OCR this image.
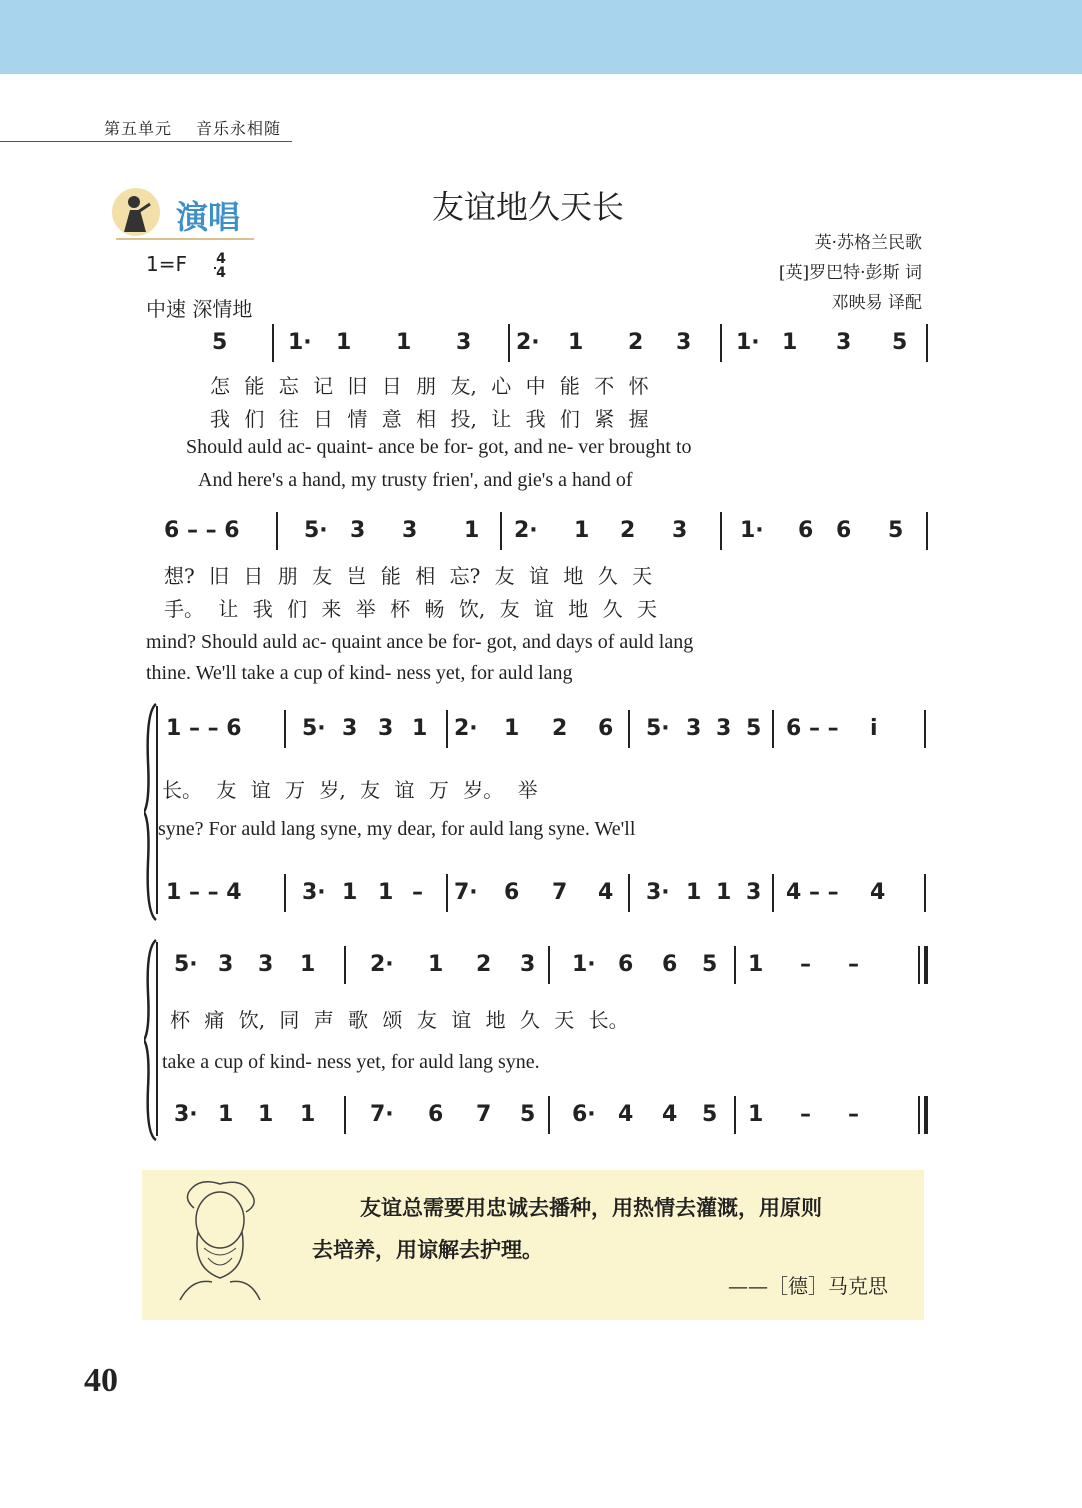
第五单元 音乐永相随
演唱	友谊地久天长
英·苏格兰民歌
[英]罗巴特·彭斯 词
邓映易 译配
1=F 4
4
中速 深情地
5	1· 1 1 3 2· 1 2 3 1· 1 3 5
怎 能 忘 记 旧 日 朋 友, 心 中 能 不 怀
我 们 往 日 情 意 相 投, 让 我 们 紧 握
Should auld ac- quaint- ance be for- got, and ne- ver brought to
And here's a hand, my trusty frien', and gie's a hand of
6 – – 6	5· 3 3 1 2· 1 2 3 1· 6 6 5
想? 旧 日 朋 友 岂 能 相 忘? 友 谊 地 久 天
手。 让 我 们 来 举 杯 畅 饮, 友 谊 地 久 天
mind? Should auld ac- quaint ance be for- got, and days of auld lang
thine. We'll take a cup of kind- ness yet, for auld lang
1 – – 6	5· 3 3 1 2· 1 2 6 5· 3 3 5 6 – – i
长。 友 谊 万 岁, 友 谊 万 岁。 举
syne? For auld lang syne, my dear, for auld lang syne. We'll
1 – – 4	3· 1 1 – 7· 6 7 4 3· 1 1 3 4 – – 4
5· 3 3 1 2· 1 2 3 1· 6 6 5 1 – –
杯 痛 饮, 同 声 歌 颂 友 谊 地 久 天 长。
take a cup of kind- ness yet, for auld lang syne.
3· 1 1 1 7· 6 7 5 6· 4 4 5 1 – –
友谊总需要用忠诚去播种，用热情去灌溉，用原则
去培养，用谅解去护理。
——［德］马克思
40
